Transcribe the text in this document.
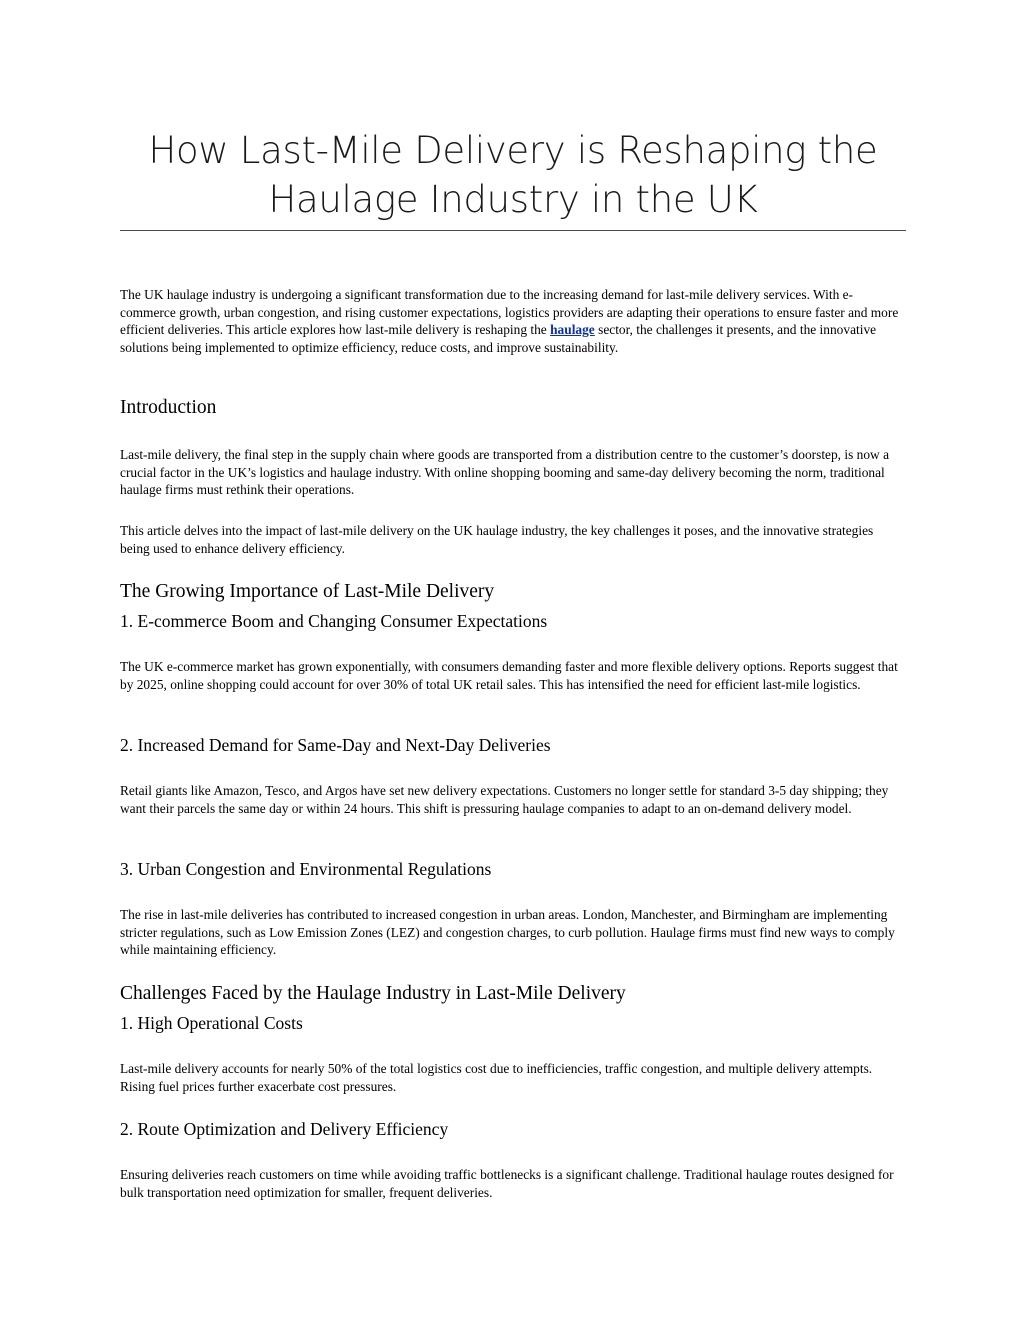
How Last-Mile Delivery is Reshaping the Haulage Industry in the UK

The UK haulage industry is undergoing a significant transformation due to the increasing demand for last-mile delivery services. With e-commerce growth, urban congestion, and rising customer expectations, logistics providers are adapting their operations to ensure faster and more efficient deliveries. This article explores how last-mile delivery is reshaping the haulage sector, the challenges it presents, and the innovative solutions being implemented to optimize efficiency, reduce costs, and improve sustainability.

Introduction

Last-mile delivery, the final step in the supply chain where goods are transported from a distribution centre to the customer’s doorstep, is now a crucial factor in the UK’s logistics and haulage industry. With online shopping booming and same-day delivery becoming the norm, traditional haulage firms must rethink their operations.

This article delves into the impact of last-mile delivery on the UK haulage industry, the key challenges it poses, and the innovative strategies being used to enhance delivery efficiency.

The Growing Importance of Last-Mile Delivery
1. E-commerce Boom and Changing Consumer Expectations

The UK e-commerce market has grown exponentially, with consumers demanding faster and more flexible delivery options. Reports suggest that by 2025, online shopping could account for over 30% of total UK retail sales. This has intensified the need for efficient last-mile logistics.

2. Increased Demand for Same-Day and Next-Day Deliveries

Retail giants like Amazon, Tesco, and Argos have set new delivery expectations. Customers no longer settle for standard 3-5 day shipping; they want their parcels the same day or within 24 hours. This shift is pressuring haulage companies to adapt to an on-demand delivery model.

3. Urban Congestion and Environmental Regulations

The rise in last-mile deliveries has contributed to increased congestion in urban areas. London, Manchester, and Birmingham are implementing stricter regulations, such as Low Emission Zones (LEZ) and congestion charges, to curb pollution. Haulage firms must find new ways to comply while maintaining efficiency.

Challenges Faced by the Haulage Industry in Last-Mile Delivery
1. High Operational Costs

Last-mile delivery accounts for nearly 50% of the total logistics cost due to inefficiencies, traffic congestion, and multiple delivery attempts. Rising fuel prices further exacerbate cost pressures.

2. Route Optimization and Delivery Efficiency

Ensuring deliveries reach customers on time while avoiding traffic bottlenecks is a significant challenge. Traditional haulage routes designed for bulk transportation need optimization for smaller, frequent deliveries.
